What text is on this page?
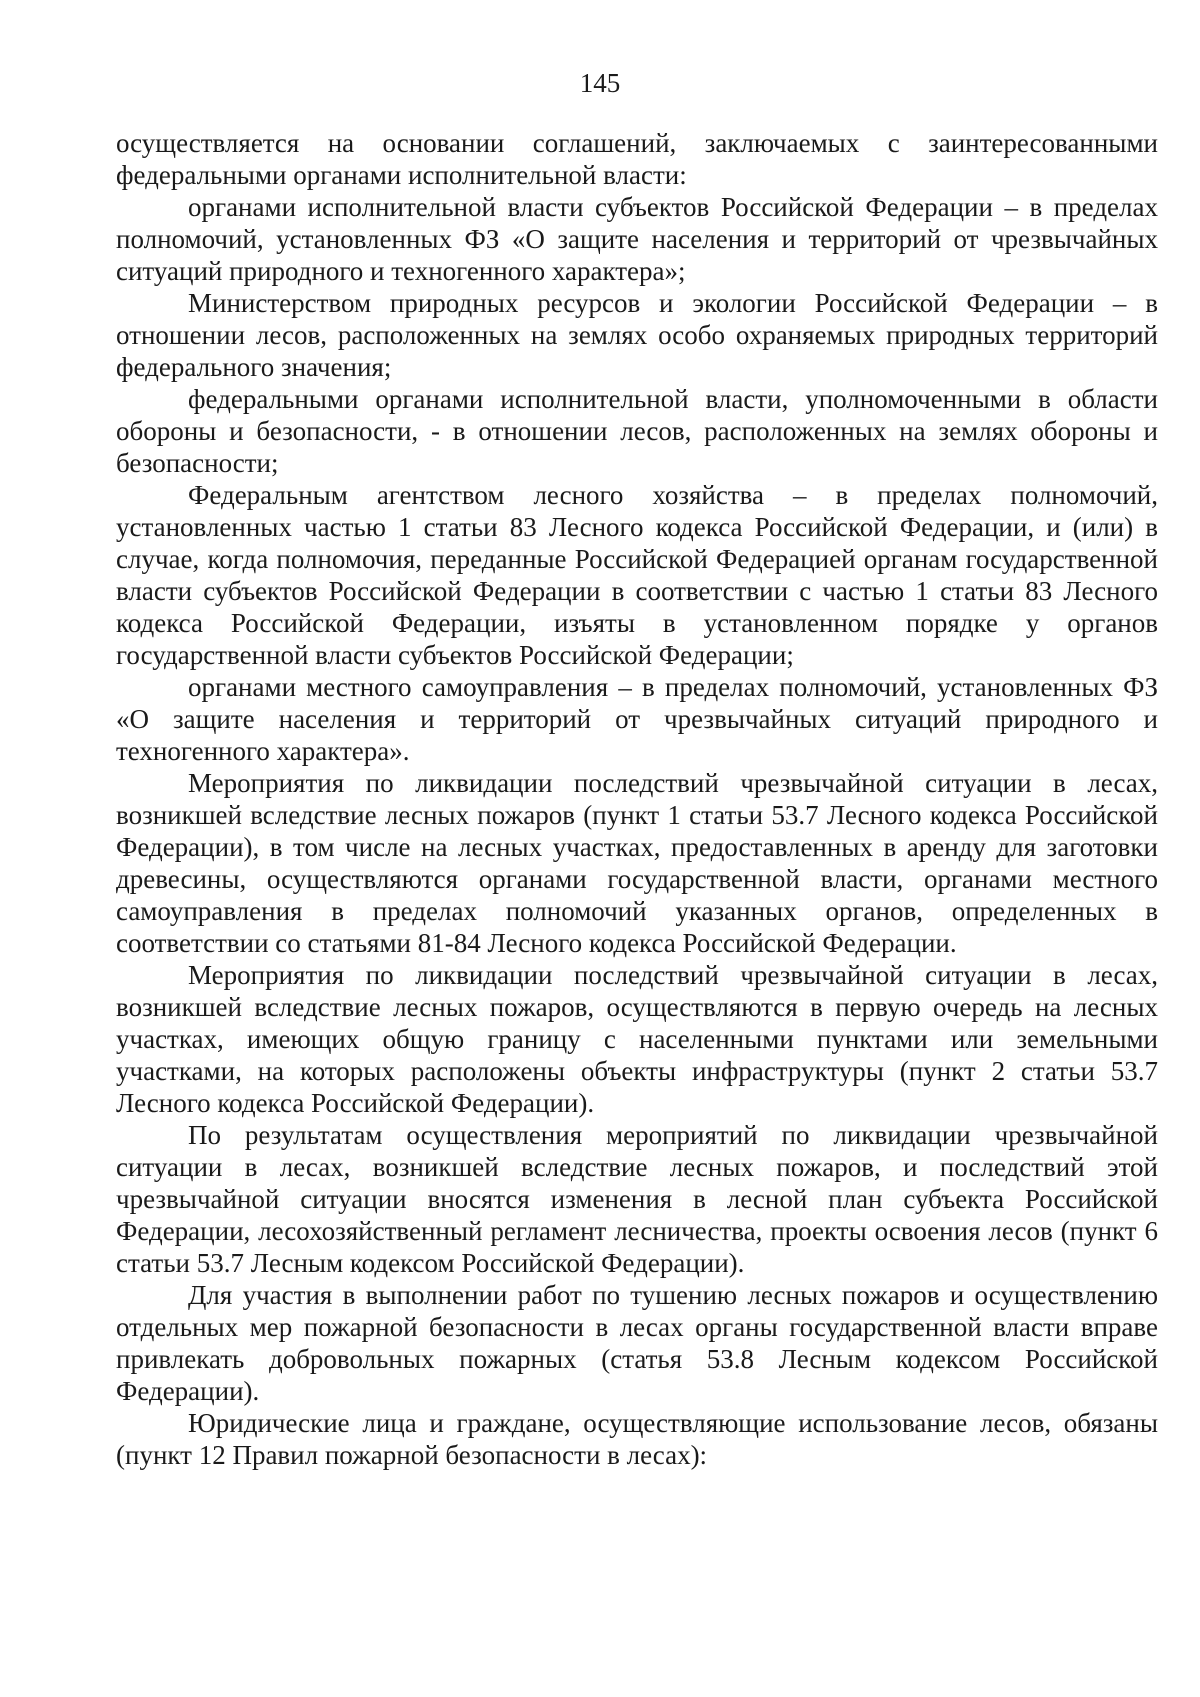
145

осуществляется на основании соглашений, заключаемых с заинтересованными федеральными органами исполнительной власти:

органами исполнительной власти субъектов Российской Федерации – в пределах полномочий, установленных ФЗ «О защите населения и территорий от чрезвычайных ситуаций природного и техногенного характера»;

Министерством природных ресурсов и экологии Российской Федерации – в отношении лесов, расположенных на землях особо охраняемых природных территорий федерального значения;

федеральными органами исполнительной власти, уполномоченными в области обороны и безопасности, - в отношении лесов, расположенных на землях обороны и безопасности;

Федеральным агентством лесного хозяйства – в пределах полномочий, установленных частью 1 статьи 83 Лесного кодекса Российской Федерации, и (или) в случае, когда полномочия, переданные Российской Федерацией органам государственной власти субъектов Российской Федерации в соответствии с частью 1 статьи 83 Лесного кодекса Российской Федерации, изъяты в установленном порядке у органов государственной власти субъектов Российской Федерации;

органами местного самоуправления – в пределах полномочий, установленных ФЗ «О защите населения и территорий от чрезвычайных ситуаций природного и техногенного характера».

Мероприятия по ликвидации последствий чрезвычайной ситуации в лесах, возникшей вследствие лесных пожаров (пункт 1 статьи 53.7 Лесного кодекса Российской Федерации), в том числе на лесных участках, предоставленных в аренду для заготовки древесины, осуществляются органами государственной власти, органами местного самоуправления в пределах полномочий указанных органов, определенных в соответствии со статьями 81-84 Лесного кодекса Российской Федерации.

Мероприятия по ликвидации последствий чрезвычайной ситуации в лесах, возникшей вследствие лесных пожаров, осуществляются в первую очередь на лесных участках, имеющих общую границу с населенными пунктами или земельными участками, на которых расположены объекты инфраструктуры (пункт 2 статьи 53.7 Лесного кодекса Российской Федерации).

По результатам осуществления мероприятий по ликвидации чрезвычайной ситуации в лесах, возникшей вследствие лесных пожаров, и последствий этой чрезвычайной ситуации вносятся изменения в лесной план субъекта Российской Федерации, лесохозяйственный регламент лесничества, проекты освоения лесов (пункт 6 статьи 53.7 Лесным кодексом Российской Федерации).

Для участия в выполнении работ по тушению лесных пожаров и осуществлению отдельных мер пожарной безопасности в лесах органы государственной власти вправе привлекать добровольных пожарных (статья 53.8 Лесным кодексом Российской Федерации).

Юридические лица и граждане, осуществляющие использование лесов, обязаны (пункт 12 Правил пожарной безопасности в лесах):
